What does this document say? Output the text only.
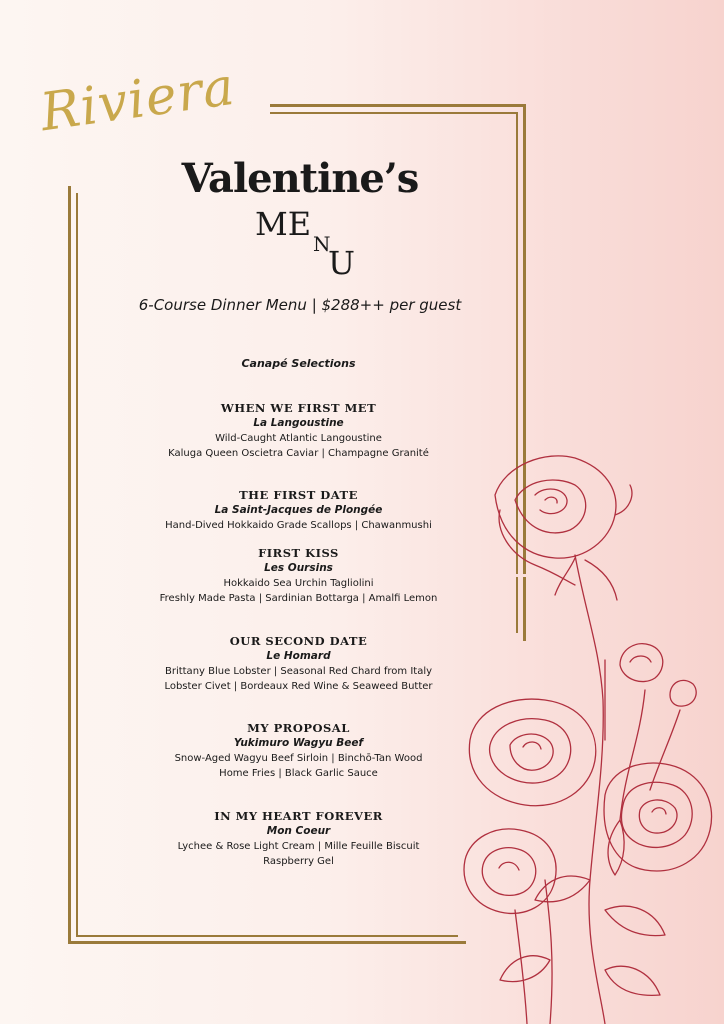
Riviera
Valentine’s
ME
N
U
6-Course Dinner Menu | $288++ per guest
Canapé Selections
WHEN WE FIRST MET
La Langoustine
Wild-Caught Atlantic Langoustine
Kaluga Queen Oscietra Caviar | Champagne Granité
THE FIRST DATE
La Saint-Jacques de Plongée
Hand-Dived Hokkaido Grade Scallops | Chawanmushi
FIRST KISS
Les Oursins
Hokkaido Sea Urchin Tagliolini
Freshly Made Pasta | Sardinian Bottarga | Amalfi Lemon
OUR SECOND DATE
Le Homard
Brittany Blue Lobster | Seasonal Red Chard from Italy
Lobster Civet | Bordeaux Red Wine & Seaweed Butter
MY PROPOSAL
Yukimuro Wagyu Beef
Snow-Aged Wagyu Beef Sirloin | Binchō-Tan Wood
Home Fries | Black Garlic Sauce
IN MY HEART FOREVER
Mon Coeur
Lychee & Rose Light Cream | Mille Feuille Biscuit
Raspberry Gel
